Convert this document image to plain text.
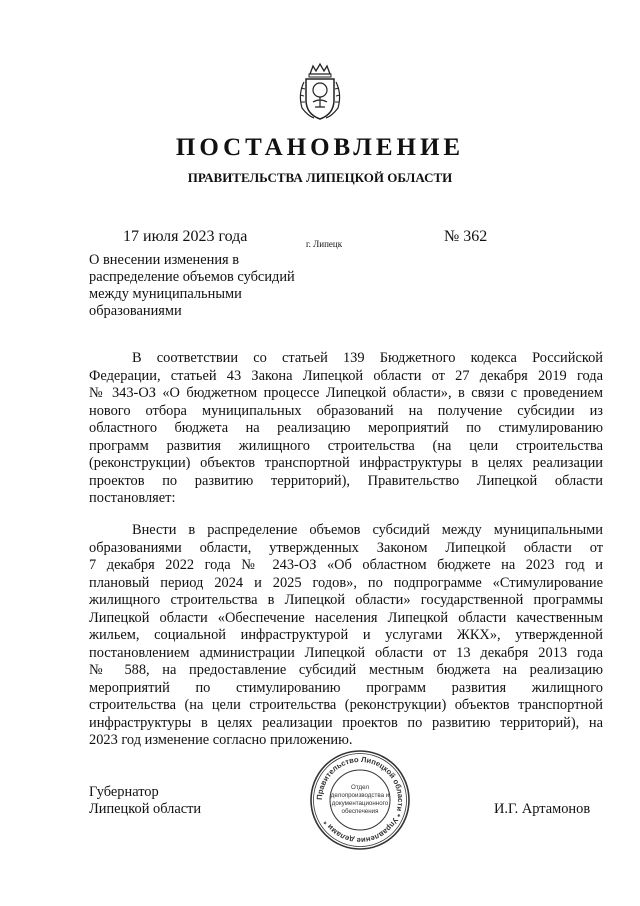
ПОСТАНОВЛЕНИЕ
ПРАВИТЕЛЬСТВА ЛИПЕЦКОЙ ОБЛАСТИ
17 июля 2023 года	г. Липецк	№ 362
О внесении изменения в
распределение объемов субсидий
между муниципальными
образованиями
В соответствии со статьей 139 Бюджетного кодекса Российской
Федерации, статьей 43 Закона Липецкой области от 27 декабря 2019 года
№ 343-ОЗ «О бюджетном процессе Липецкой области», в связи с проведением
нового отбора муниципальных образований на получение субсидии из
областного бюджета на реализацию мероприятий по стимулированию
программ развития жилищного строительства (на цели строительства
(реконструкции) объектов транспортной инфраструктуры в целях реализации
проектов по развитию территорий), Правительство Липецкой области
постановляет:
Внести в распределение объемов субсидий между муниципальными
образованиями области, утвержденных Законом Липецкой области от
7 декабря 2022 года № 243-ОЗ «Об областном бюджете на 2023 год и
плановый период 2024 и 2025 годов», по подпрограмме «Стимулирование
жилищного строительства в Липецкой области» государственной программы
Липецкой области «Обеспечение населения Липецкой области качественным
жильем, социальной инфраструктурой и услугами ЖКХ», утвержденной
постановлением администрации Липецкой области от 13 декабря 2013 года
№ 588, на предоставление субсидий местным бюджета на реализацию
мероприятий по стимулированию программ развития жилищного
строительства (на цели строительства (реконструкции) объектов транспортной
инфраструктуры в целях реализации проектов по развитию территорий), на
2023 год изменение согласно приложению.
Губернатор
Липецкой области
Правительство Липецкой области * Управление делами *
Отдел
делопроизводства и
документационного
обеспечения	И.Г. Артамонов
